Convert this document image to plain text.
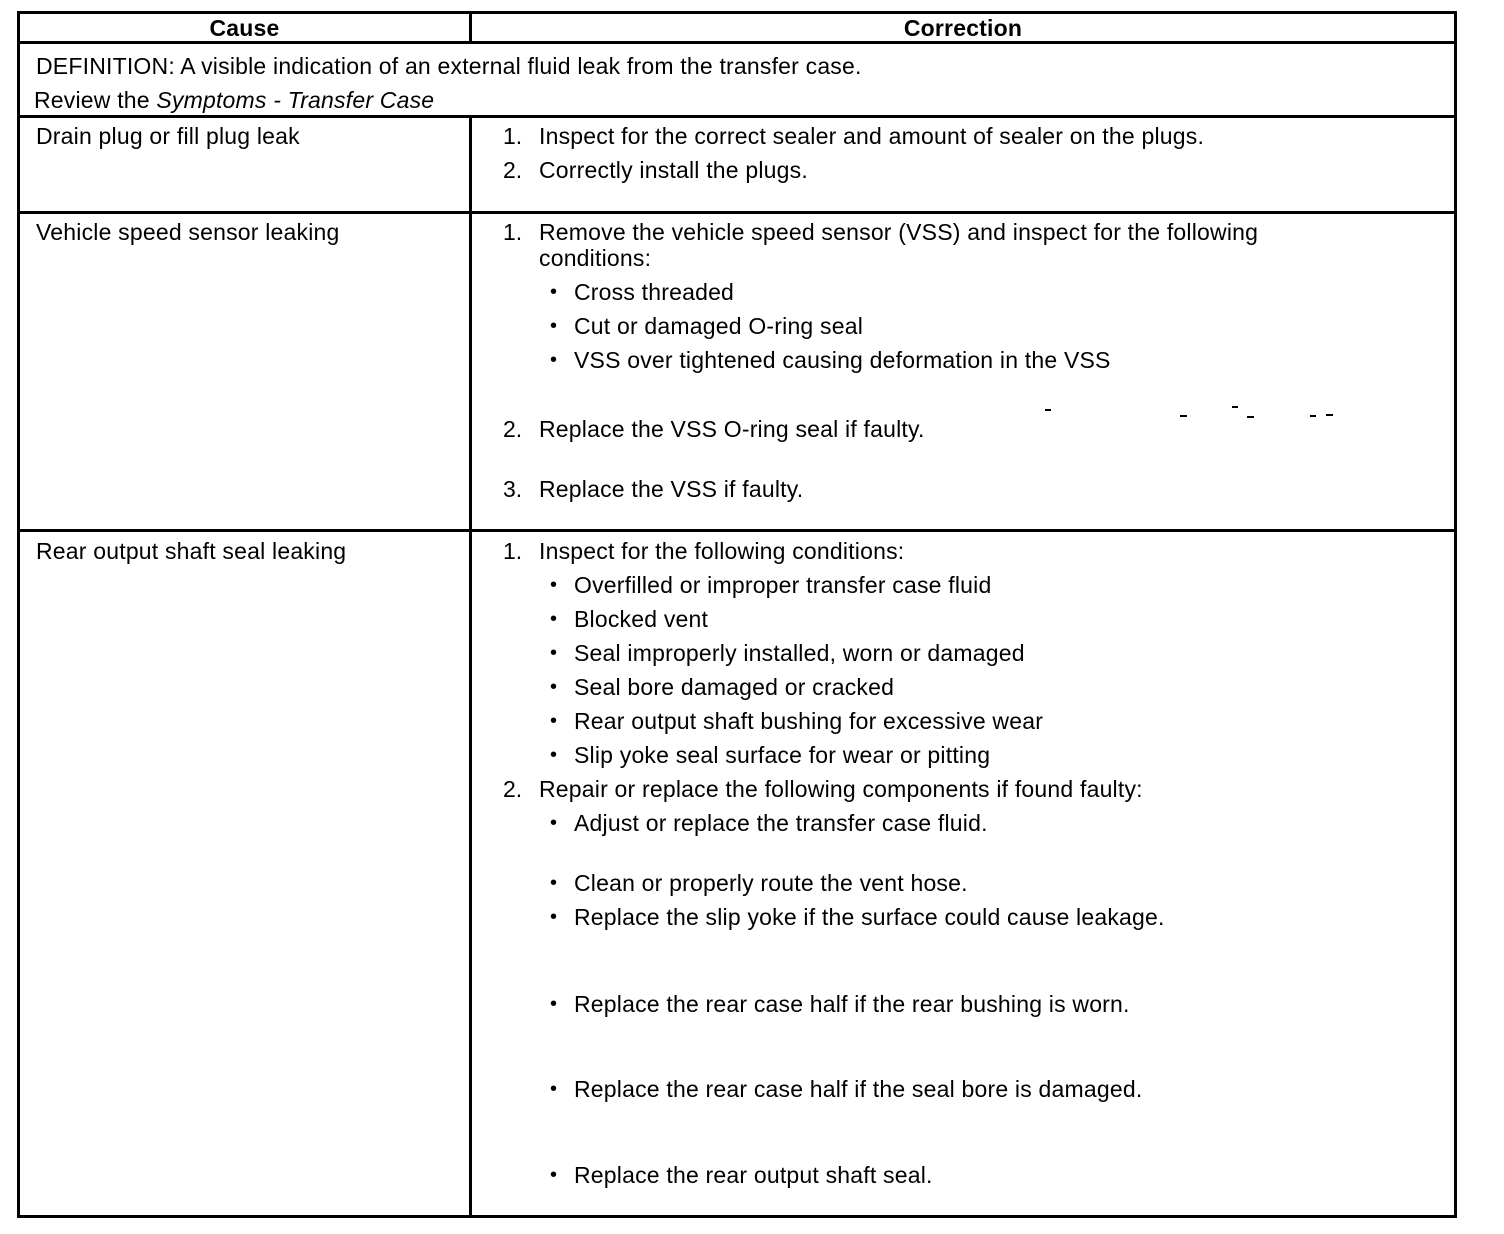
Cause	Correction
DEFINITION: A visible indication of an external fluid leak from the transfer case.
Review the Symptoms - Transfer Case
Drain plug or fill plug leak	1. Inspect for the correct sealer and amount of sealer on the plugs.
2. Correctly install the plugs.
Vehicle speed sensor leaking	1. Remove the vehicle speed sensor (VSS) and inspect for the following
conditions:
• Cross threaded
• Cut or damaged O-ring seal
• VSS over tightened causing deformation in the VSS
2. Replace the VSS O-ring seal if faulty.
3. Replace the VSS if faulty.
Rear output shaft seal leaking	1. Inspect for the following conditions:
• Overfilled or improper transfer case fluid
• Blocked vent
• Seal improperly installed, worn or damaged
• Seal bore damaged or cracked
• Rear output shaft bushing for excessive wear
• Slip yoke seal surface for wear or pitting
2. Repair or replace the following components if found faulty:
• Adjust or replace the transfer case fluid.
• Clean or properly route the vent hose.
• Replace the slip yoke if the surface could cause leakage.
• Replace the rear case half if the rear bushing is worn.
• Replace the rear case half if the seal bore is damaged.
• Replace the rear output shaft seal.
